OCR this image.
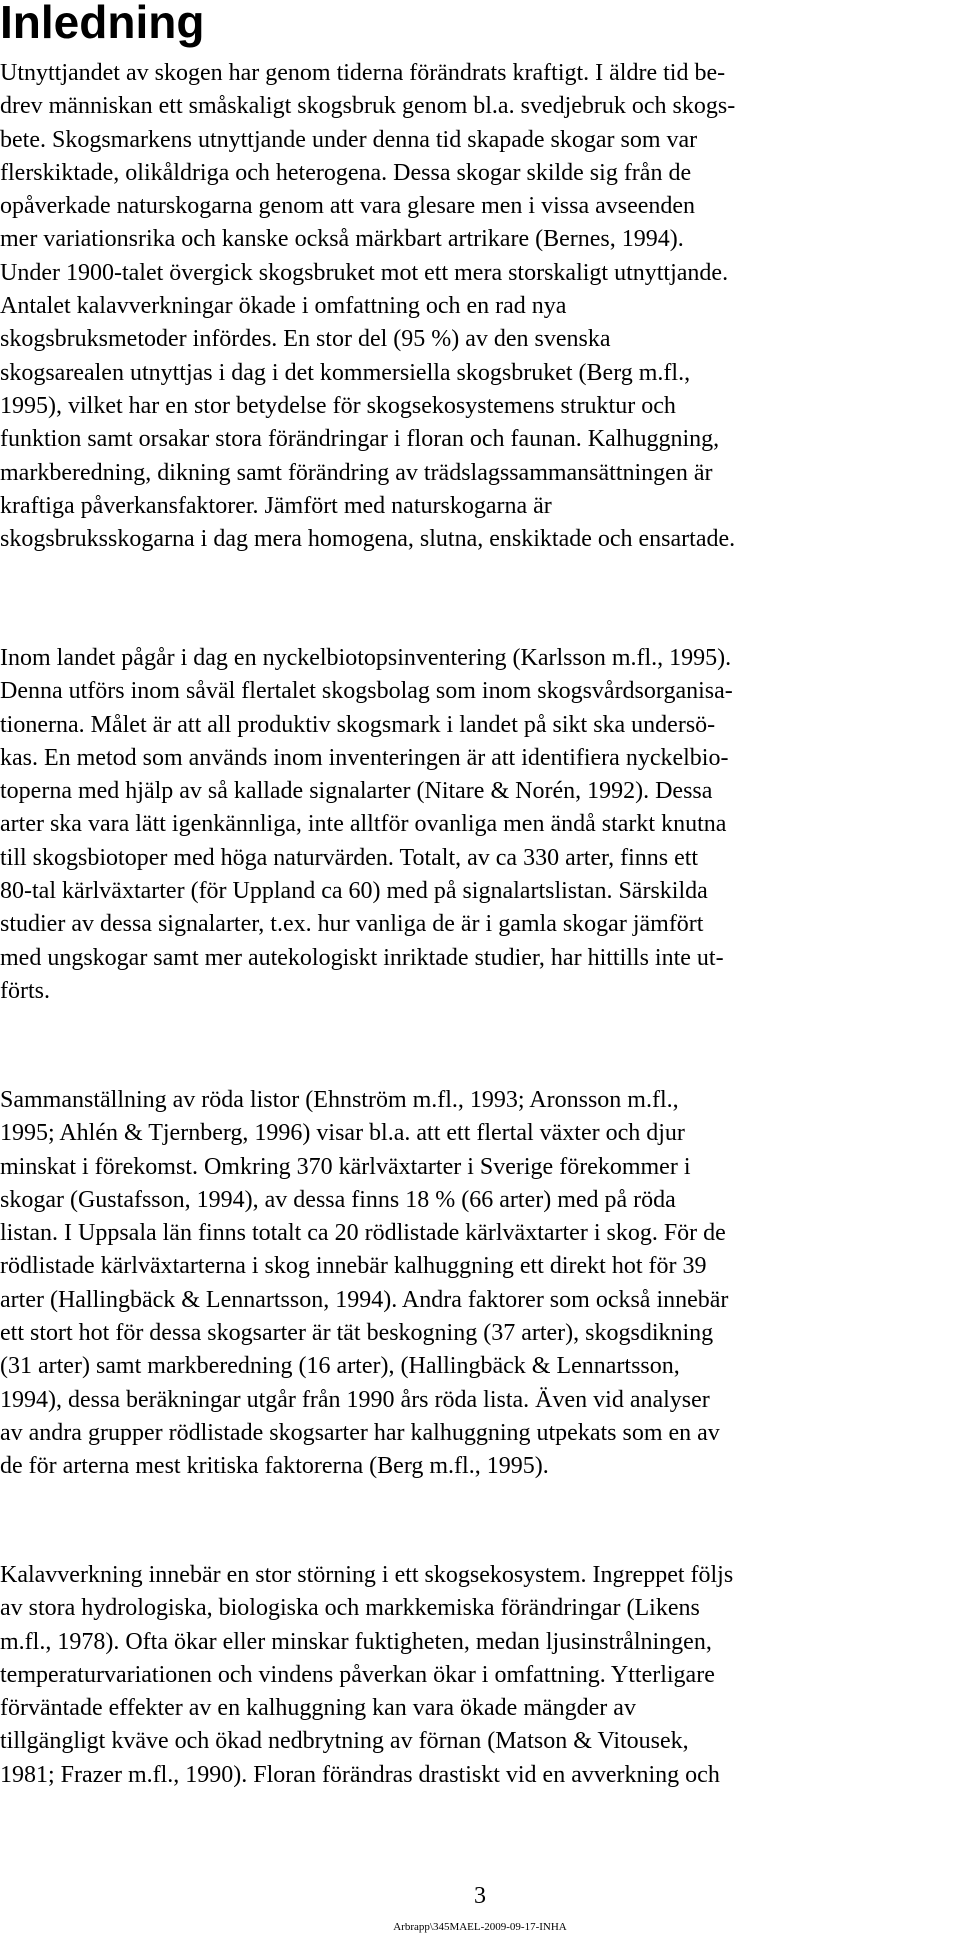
Inledning

Utnyttjandet av skogen har genom tiderna förändrats kraftigt. I äldre tid be-
drev människan ett småskaligt skogsbruk genom bl.a. svedjebruk och skogs-
bete. Skogsmarkens utnyttjande under denna tid skapade skogar som var
flerskiktade, olikåldriga och heterogena. Dessa skogar skilde sig från de
opåverkade naturskogarna genom att vara glesare men i vissa avseenden
mer variationsrika och kanske också märkbart artrikare (Bernes, 1994).
Under 1900-talet övergick skogsbruket mot ett mera storskaligt utnyttjande.
Antalet kalavverkningar ökade i omfattning och en rad nya
skogsbruksmetoder infördes. En stor del (95 %) av den svenska
skogsarealen utnyttjas i dag i det kommersiella skogsbruket (Berg m.fl.,
1995), vilket har en stor betydelse för skogsekosystemens struktur och
funktion samt orsakar stora förändringar i floran och faunan. Kalhuggning,
markberedning, dikning samt förändring av trädslagssammansättningen är
kraftiga påverkansfaktorer. Jämfört med naturskogarna är
skogsbruksskogarna i dag mera homogena, slutna, enskiktade och ensartade.

Inom landet pågår i dag en nyckelbiotopsinventering (Karlsson m.fl., 1995).
Denna utförs inom såväl flertalet skogsbolag som inom skogsvårdsorganisa-
tionerna. Målet är att all produktiv skogsmark i landet på sikt ska undersö-
kas. En metod som används inom inventeringen är att identifiera nyckelbio-
toperna med hjälp av så kallade signalarter (Nitare & Norén, 1992). Dessa
arter ska vara lätt igenkännliga, inte alltför ovanliga men ändå starkt knutna
till skogsbiotoper med höga naturvärden. Totalt, av ca 330 arter, finns ett
80-tal kärlväxtarter (för Uppland ca 60) med på signalartslistan. Särskilda
studier av dessa signalarter, t.ex. hur vanliga de är i gamla skogar jämfört
med ungskogar samt mer autekologiskt inriktade studier, har hittills inte ut-
förts.

Sammanställning av röda listor (Ehnström m.fl., 1993; Aronsson m.fl.,
1995; Ahlén & Tjernberg, 1996) visar bl.a. att ett flertal växter och djur
minskat i förekomst. Omkring 370 kärlväxtarter i Sverige förekommer i
skogar (Gustafsson, 1994), av dessa finns 18 % (66 arter) med på röda
listan. I Uppsala län finns totalt ca 20 rödlistade kärlväxtarter i skog. För de
rödlistade kärlväxtarterna i skog innebär kalhuggning ett direkt hot för 39
arter (Hallingbäck & Lennartsson, 1994). Andra faktorer som också innebär
ett stort hot för dessa skogsarter är tät beskogning (37 arter), skogsdikning
(31 arter) samt markberedning (16 arter), (Hallingbäck & Lennartsson,
1994), dessa beräkningar utgår från 1990 års röda lista. Även vid analyser
av andra grupper rödlistade skogsarter har kalhuggning utpekats som en av
de för arterna mest kritiska faktorerna (Berg m.fl., 1995).

Kalavverkning innebär en stor störning i ett skogsekosystem. Ingreppet följs
av stora hydrologiska, biologiska och markkemiska förändringar (Likens
m.fl., 1978). Ofta ökar eller minskar fuktigheten, medan ljusinstrålningen,
temperaturvariationen och vindens påverkan ökar i omfattning. Ytterligare
förväntade effekter av en kalhuggning kan vara ökade mängder av
tillgängligt kväve och ökad nedbrytning av förnan (Matson & Vitousek,
1981; Frazer m.fl., 1990). Floran förändras drastiskt vid en avverkning och

3

Arbrapp\345MAEL-2009-09-17-INHA
